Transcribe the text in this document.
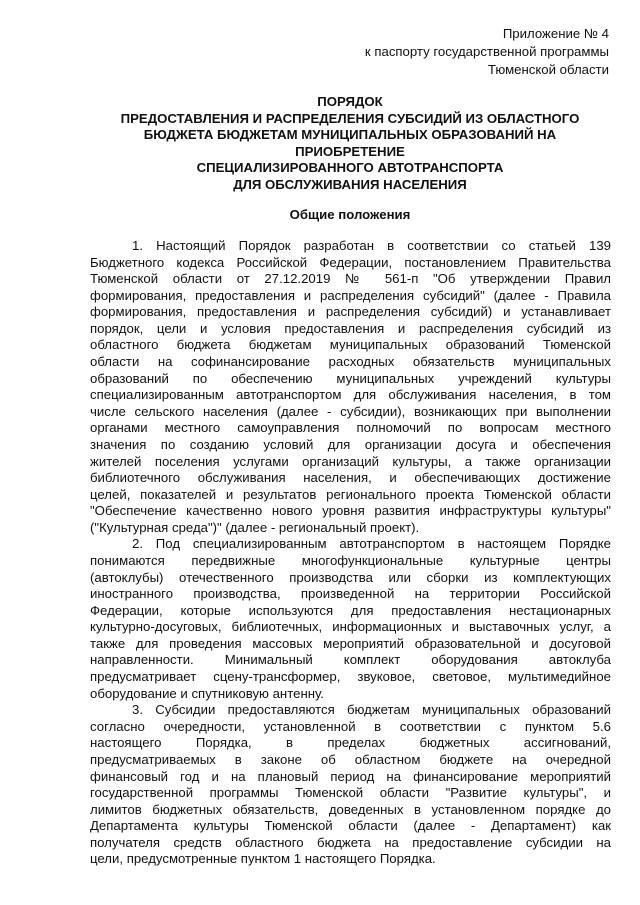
Приложение № 4
к паспорту государственной программы
Тюменской области
ПОРЯДОК
ПРЕДОСТАВЛЕНИЯ И РАСПРЕДЕЛЕНИЯ СУБСИДИЙ ИЗ ОБЛАСТНОГО
БЮДЖЕТА БЮДЖЕТАМ МУНИЦИПАЛЬНЫХ ОБРАЗОВАНИЙ НА
ПРИОБРЕТЕНИЕ
СПЕЦИАЛИЗИРОВАННОГО АВТОТРАНСПОРТА
ДЛЯ ОБСЛУЖИВАНИЯ НАСЕЛЕНИЯ
Общие положения
1. Настоящий Порядок разработан в соответствии со статьей 139
Бюджетного кодекса Российской Федерации, постановлением Правительства
Тюменской области от 27.12.2019 № 561-п "Об утверждении Правил
формирования, предоставления и распределения субсидий" (далее - Правила
формирования, предоставления и распределения субсидий) и устанавливает
порядок, цели и условия предоставления и распределения субсидий из
областного бюджета бюджетам муниципальных образований Тюменской
области на софинансирование расходных обязательств муниципальных
образований по обеспечению муниципальных учреждений культуры
специализированным автотранспортом для обслуживания населения, в том
числе сельского населения (далее - субсидии), возникающих при выполнении
органами местного самоуправления полномочий по вопросам местного
значения по созданию условий для организации досуга и обеспечения
жителей поселения услугами организаций культуры, а также организации
библиотечного обслуживания населения, и обеспечивающих достижение
целей, показателей и результатов регионального проекта Тюменской области
"Обеспечение качественно нового уровня развития инфраструктуры культуры"
("Культурная среда")" (далее - региональный проект).
2. Под специализированным автотранспортом в настоящем Порядке
понимаются передвижные многофункциональные культурные центры
(автоклубы) отечественного производства или сборки из комплектующих
иностранного производства, произведенной на территории Российской
Федерации, которые используются для предоставления нестационарных
культурно-досуговых, библиотечных, информационных и выставочных услуг, а
также для проведения массовых мероприятий образовательной и досуговой
направленности. Минимальный комплект оборудования автоклуба
предусматривает сцену-трансформер, звуковое, световое, мультимедийное
оборудование и спутниковую антенну.
3. Субсидии предоставляются бюджетам муниципальных образований
согласно очередности, установленной в соответствии с пунктом 5.6
настоящего Порядка, в пределах бюджетных ассигнований,
предусматриваемых в законе об областном бюджете на очередной
финансовый год и на плановый период на финансирование мероприятий
государственной программы Тюменской области "Развитие культуры", и
лимитов бюджетных обязательств, доведенных в установленном порядке до
Департамента культуры Тюменской области (далее - Департамент) как
получателя средств областного бюджета на предоставление субсидии на
цели, предусмотренные пунктом 1 настоящего Порядка.
